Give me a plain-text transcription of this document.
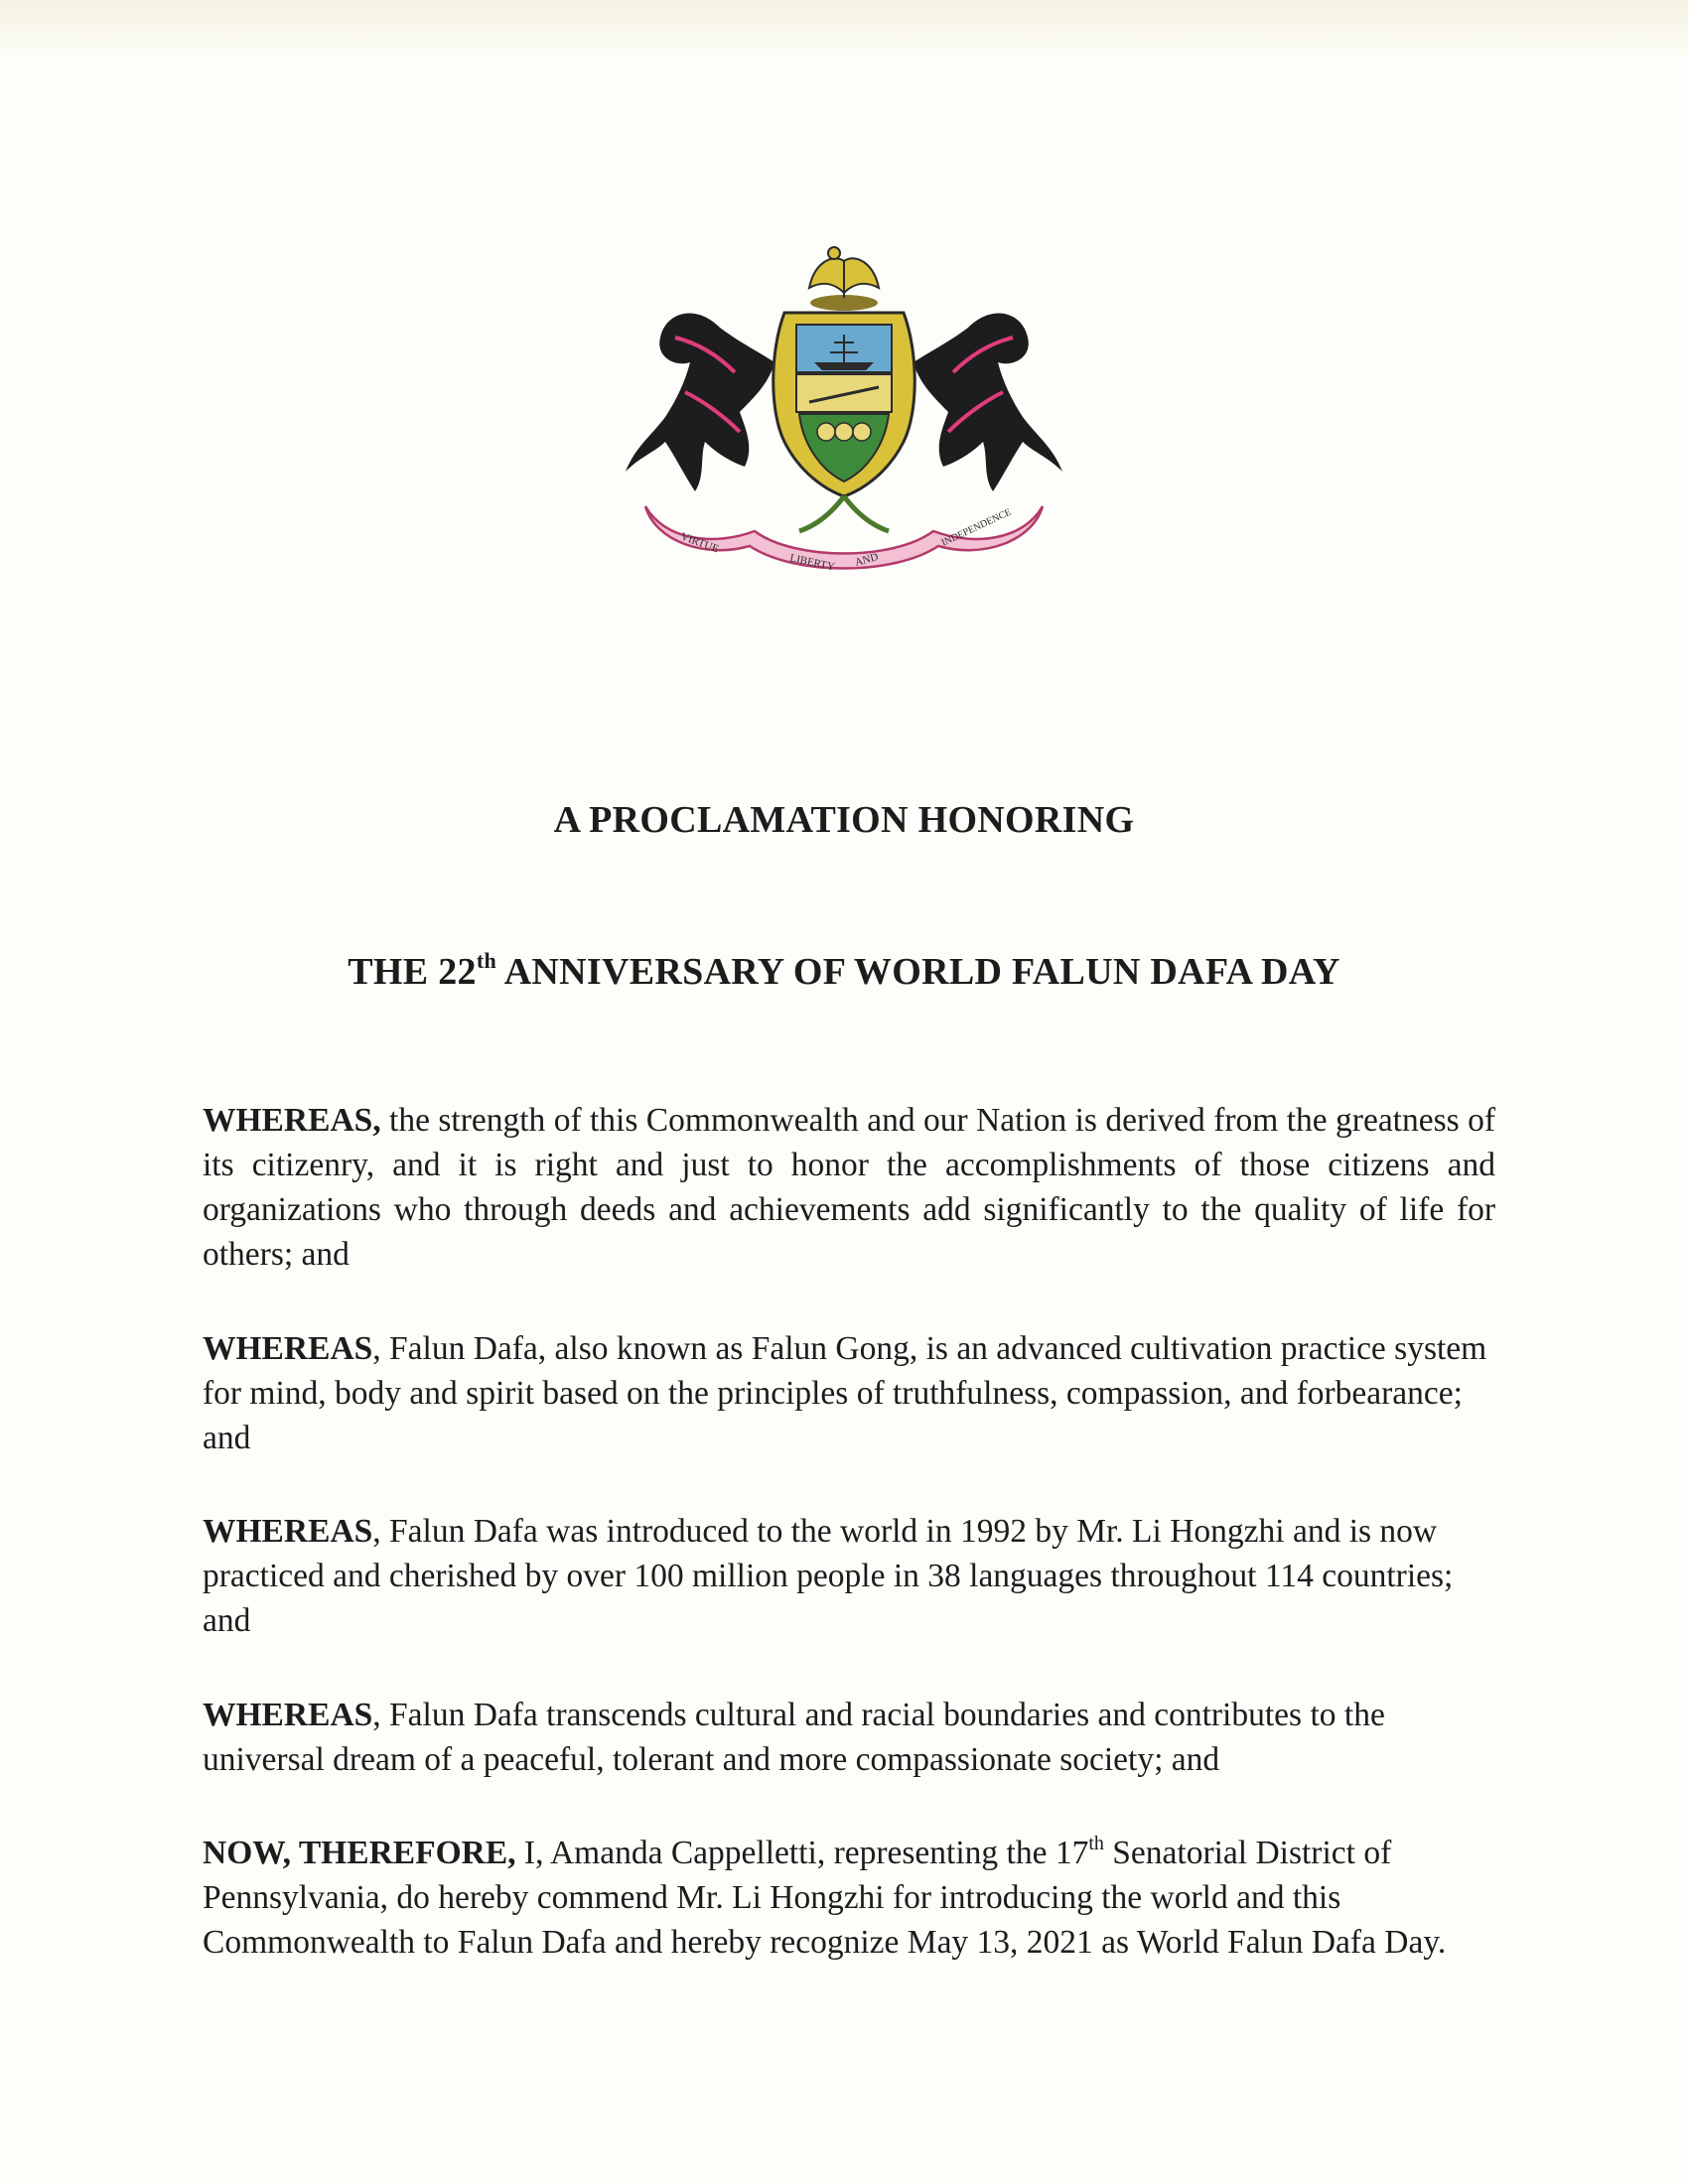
VIRTUE
LIBERTY AND
INDEPENDENCE
A PROCLAMATION HONORING
THE 22th ANNIVERSARY OF WORLD FALUN DAFA DAY

WHEREAS, the strength of this Commonwealth and our Nation is derived from the greatness of its citizenry, and it is right and just to honor the accomplishments of those citizens and organizations who through deeds and achievements add significantly to the quality of life for others; and

WHEREAS, Falun Dafa, also known as Falun Gong, is an advanced cultivation practice system for mind, body and spirit based on the principles of truthfulness, compassion, and forbearance; and

WHEREAS, Falun Dafa was introduced to the world in 1992 by Mr. Li Hongzhi and is now practiced and cherished by over 100 million people in 38 languages throughout 114 countries; and

WHEREAS, Falun Dafa transcends cultural and racial boundaries and contributes to the universal dream of a peaceful, tolerant and more compassionate society; and

NOW, THEREFORE, I, Amanda Cappelletti, representing the 17th Senatorial District of Pennsylvania, do hereby commend Mr. Li Hongzhi for introducing the world and this Commonwealth to Falun Dafa and hereby recognize May 13, 2021 as World Falun Dafa Day.
